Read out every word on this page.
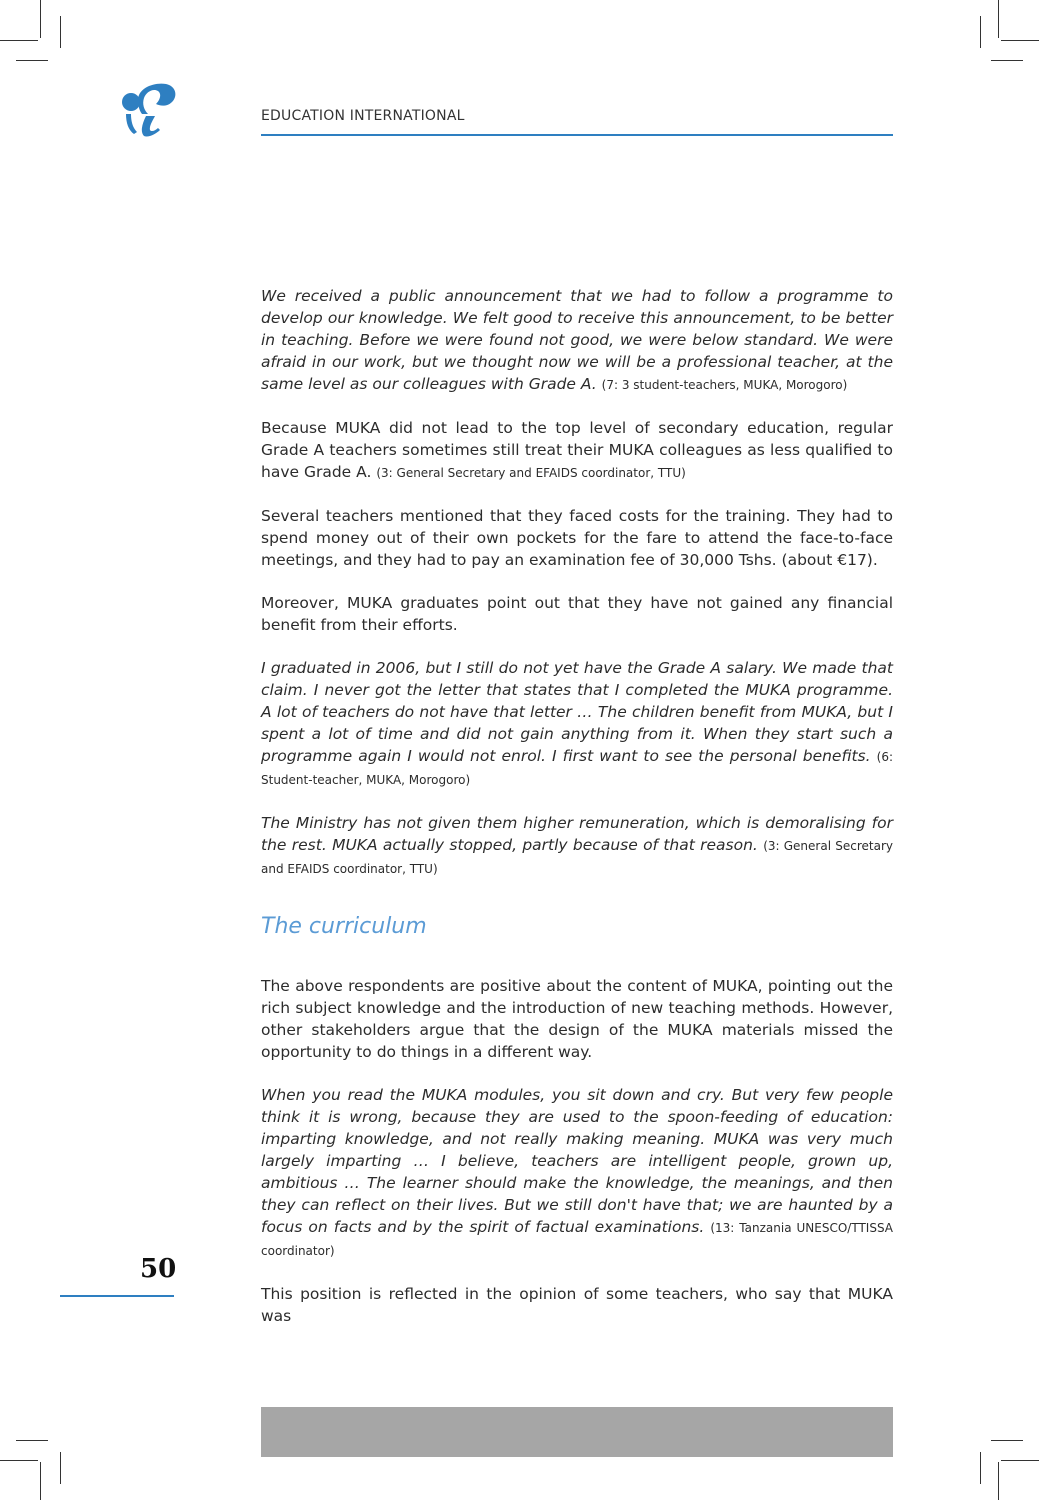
EDUCATION INTERNATIONAL

We received a public announcement that we had to follow a programme to develop our knowledge. We felt good to receive this announcement, to be better in teaching. Before we were found not good, we were below standard. We were afraid in our work, but we thought now we will be a professional teacher, at the same level as our colleagues with Grade A. (7: 3 student-teachers, MUKA, Morogoro)

Because MUKA did not lead to the top level of secondary education, regular Grade A teachers sometimes still treat their MUKA colleagues as less qualified to have Grade A. (3: General Secretary and EFAIDS coordinator, TTU)

Several teachers mentioned that they faced costs for the training. They had to spend money out of their own pockets for the fare to attend the face-to-face meetings, and they had to pay an examination fee of 30,000 Tshs. (about €17).

Moreover, MUKA graduates point out that they have not gained any financial benefit from their efforts.

I graduated in 2006, but I still do not yet have the Grade A salary. We made that claim. I never got the letter that states that I completed the MUKA programme. A lot of teachers do not have that letter … The children benefit from MUKA, but I spent a lot of time and did not gain anything from it. When they start such a programme again I would not enrol. I first want to see the personal benefits. (6: Student-teacher, MUKA, Morogoro)

The Ministry has not given them higher remuneration, which is demoralising for the rest. MUKA actually stopped, partly because of that reason. (3: General Secretary and EFAIDS coordinator, TTU)

The curriculum

The above respondents are positive about the content of MUKA, pointing out the rich subject knowledge and the introduction of new teaching methods. However, other stakeholders argue that the design of the MUKA materials missed the opportunity to do things in a different way.

When you read the MUKA modules, you sit down and cry. But very few people think it is wrong, because they are used to the spoon-feeding of education: imparting knowledge, and not really making meaning. MUKA was very much largely imparting … I believe, teachers are intelligent people, grown up, ambitious … The learner should make the knowledge, the meanings, and then they can reflect on their lives. But we still don't have that; we are haunted by a focus on facts and by the spirit of factual examinations. (13: Tanzania UNESCO/TTISSA coordinator)

This position is reflected in the opinion of some teachers, who say that MUKA was

50
